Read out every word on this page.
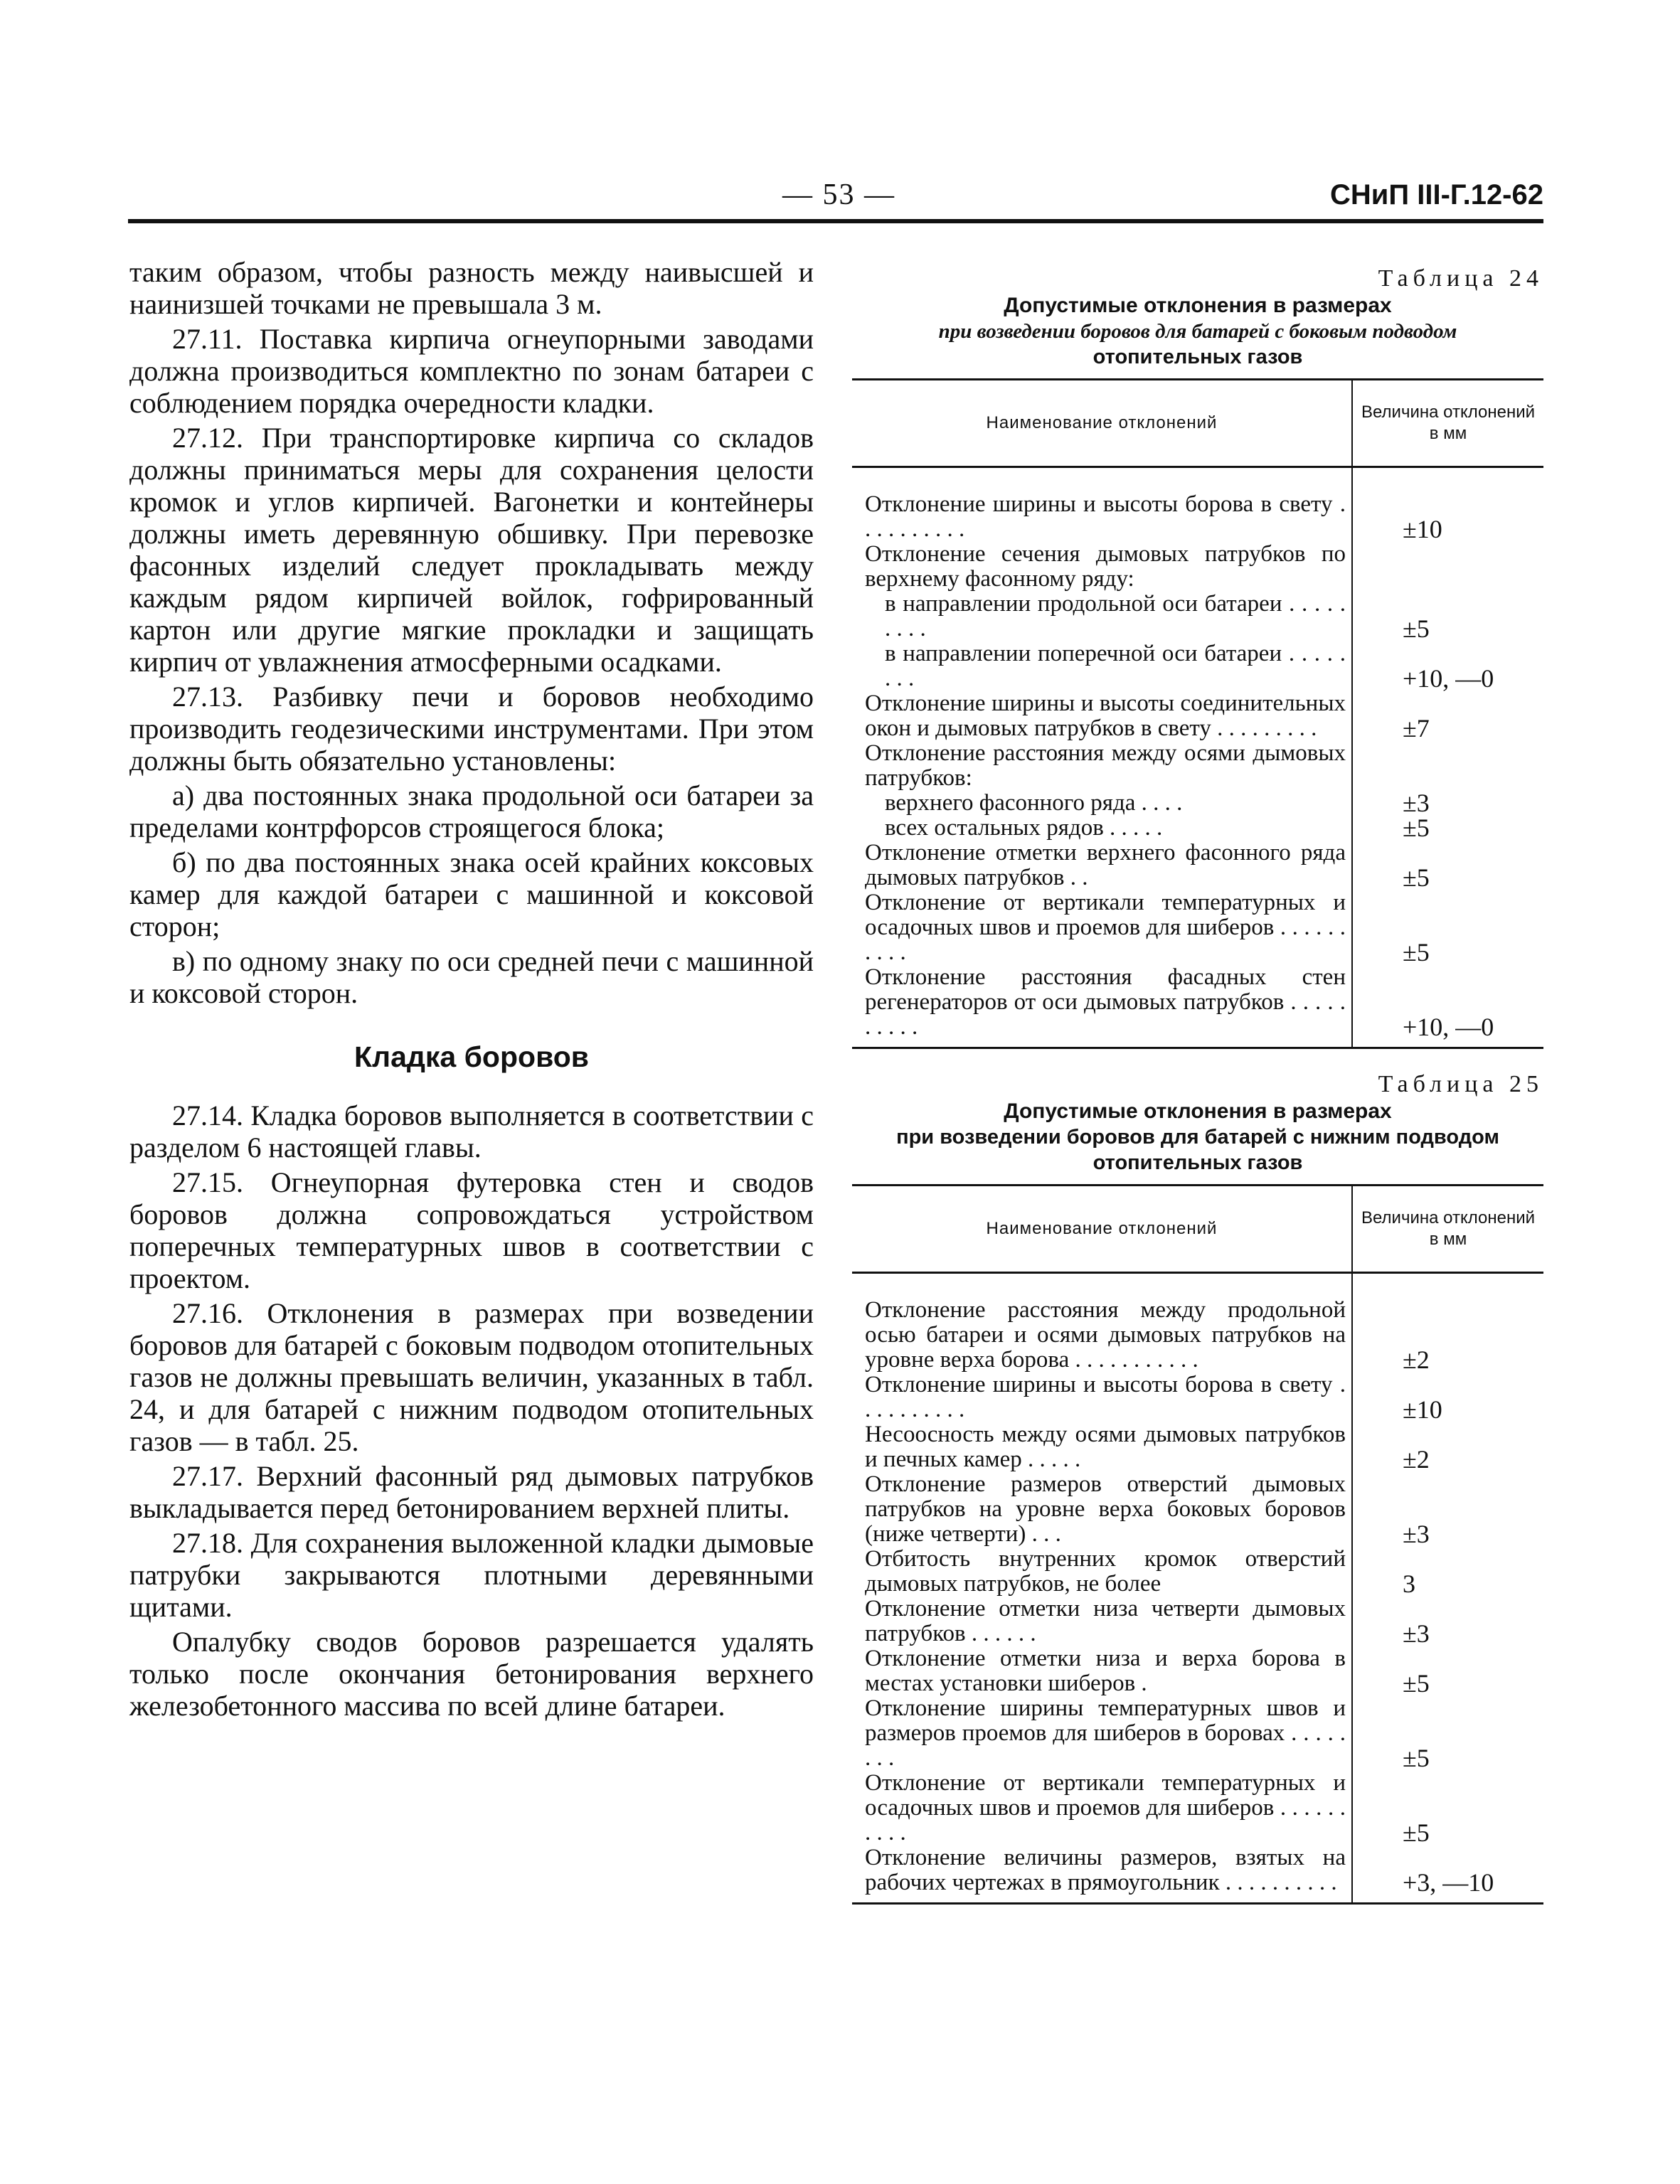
— 53 —	СНиП III-Г.12-62

таким образом, чтобы разность между наивысшей и наинизшей точками не превышала 3 м.

27.11. Поставка кирпича огнеупорными заводами должна производиться комплектно по зонам батареи с соблюдением порядка очередности кладки.

27.12. При транспортировке кирпича со складов должны приниматься меры для сохранения целости кромок и углов кирпичей. Вагонетки и контейнеры должны иметь деревянную обшивку. При перевозке фасонных изделий следует прокладывать между каждым рядом кирпичей войлок, гофрированный картон или другие мягкие прокладки и защищать кирпич от увлажнения атмосферными осадками.

27.13. Разбивку печи и боровов необходимо производить геодезическими инструментами. При этом должны быть обязательно установлены:

а) два постоянных знака продольной оси батареи за пределами контрфорсов строящегося блока;

б) по два постоянных знака осей крайних коксовых камер для каждой батареи с машинной и коксовой сторон;

в) по одному знаку по оси средней печи с машинной и коксовой сторон.

Кладка боровов

27.14. Кладка боровов выполняется в соответствии с разделом 6 настоящей главы.

27.15. Огнеупорная футеровка стен и сводов боровов должна сопровождаться устройством поперечных температурных швов в соответствии с проектом.

27.16. Отклонения в размерах при возведении боровов для батарей с боковым подводом отопительных газов не должны превышать величин, указанных в табл. 24, и для батарей с нижним подводом отопительных газов — в табл. 25.

27.17. Верхний фасонный ряд дымовых патрубков выкладывается перед бетонированием верхней плиты.

27.18. Для сохранения выложенной кладки дымовые патрубки закрываются плотными деревянными щитами.

Опалубку сводов боровов разрешается удалять только после окончания бетонирования верхнего железобетонного массива по всей длине батареи.

Таблица 24
Допустимые отклонения в размерах
при возведении боровов для батарей с боковым подводом
отопительных газов
Наименование отклонений	Величина отклонений в мм
Отклонение ширины и высоты борова в свету . . . . . . . . . .	±10
Отклонение сечения дымовых патрубков по верхнему фасонному ряду:	
в направлении продольной оси батареи . . . . . . . . .	±5
в направлении поперечной оси батареи . . . . . . . .	+10, —0
Отклонение ширины и высоты соединительных окон и дымовых патрубков в свету . . . . . . . . .	±7
Отклонение расстояния между осями дымовых патрубков:	
верхнего фасонного ряда . . . .	±3
всех остальных рядов . . . . .	±5
Отклонение отметки верхнего фасонного ряда дымовых патрубков . .	±5
Отклонение от вертикали температурных и осадочных швов и проемов для шиберов . . . . . . . . . .	±5
Отклонение расстояния фасадных стен регенераторов от оси дымовых патрубков . . . . . . . . . .	+10, —0
Таблица 25
Допустимые отклонения в размерах
при возведении боровов для батарей с нижним подводом
отопительных газов
Наименование отклонений	Величина отклонений в мм
Отклонение расстояния между продольной осью батареи и осями дымовых патрубков на уровне верха борова . . . . . . . . . . .	±2
Отклонение ширины и высоты борова в свету . . . . . . . . . .	±10
Несоосность между осями дымовых патрубков и печных камер . . . . .	±2
Отклонение размеров отверстий дымовых патрубков на уровне верха боковых боровов (ниже четверти) . . .	±3
Отбитость внутренних кромок отверстий дымовых патрубков, не более	3
Отклонение отметки низа четверти дымовых патрубков . . . . . .	±3
Отклонение отметки низа и верха борова в местах установки шиберов .	±5
Отклонение ширины температурных швов и размеров проемов для шиберов в боровах . . . . . . . .	±5
Отклонение от вертикали температурных и осадочных швов и проемов для шиберов . . . . . . . . . .	±5
Отклонение величины размеров, взятых на рабочих чертежах в прямоугольник . . . . . . . . . .	+3, —10
